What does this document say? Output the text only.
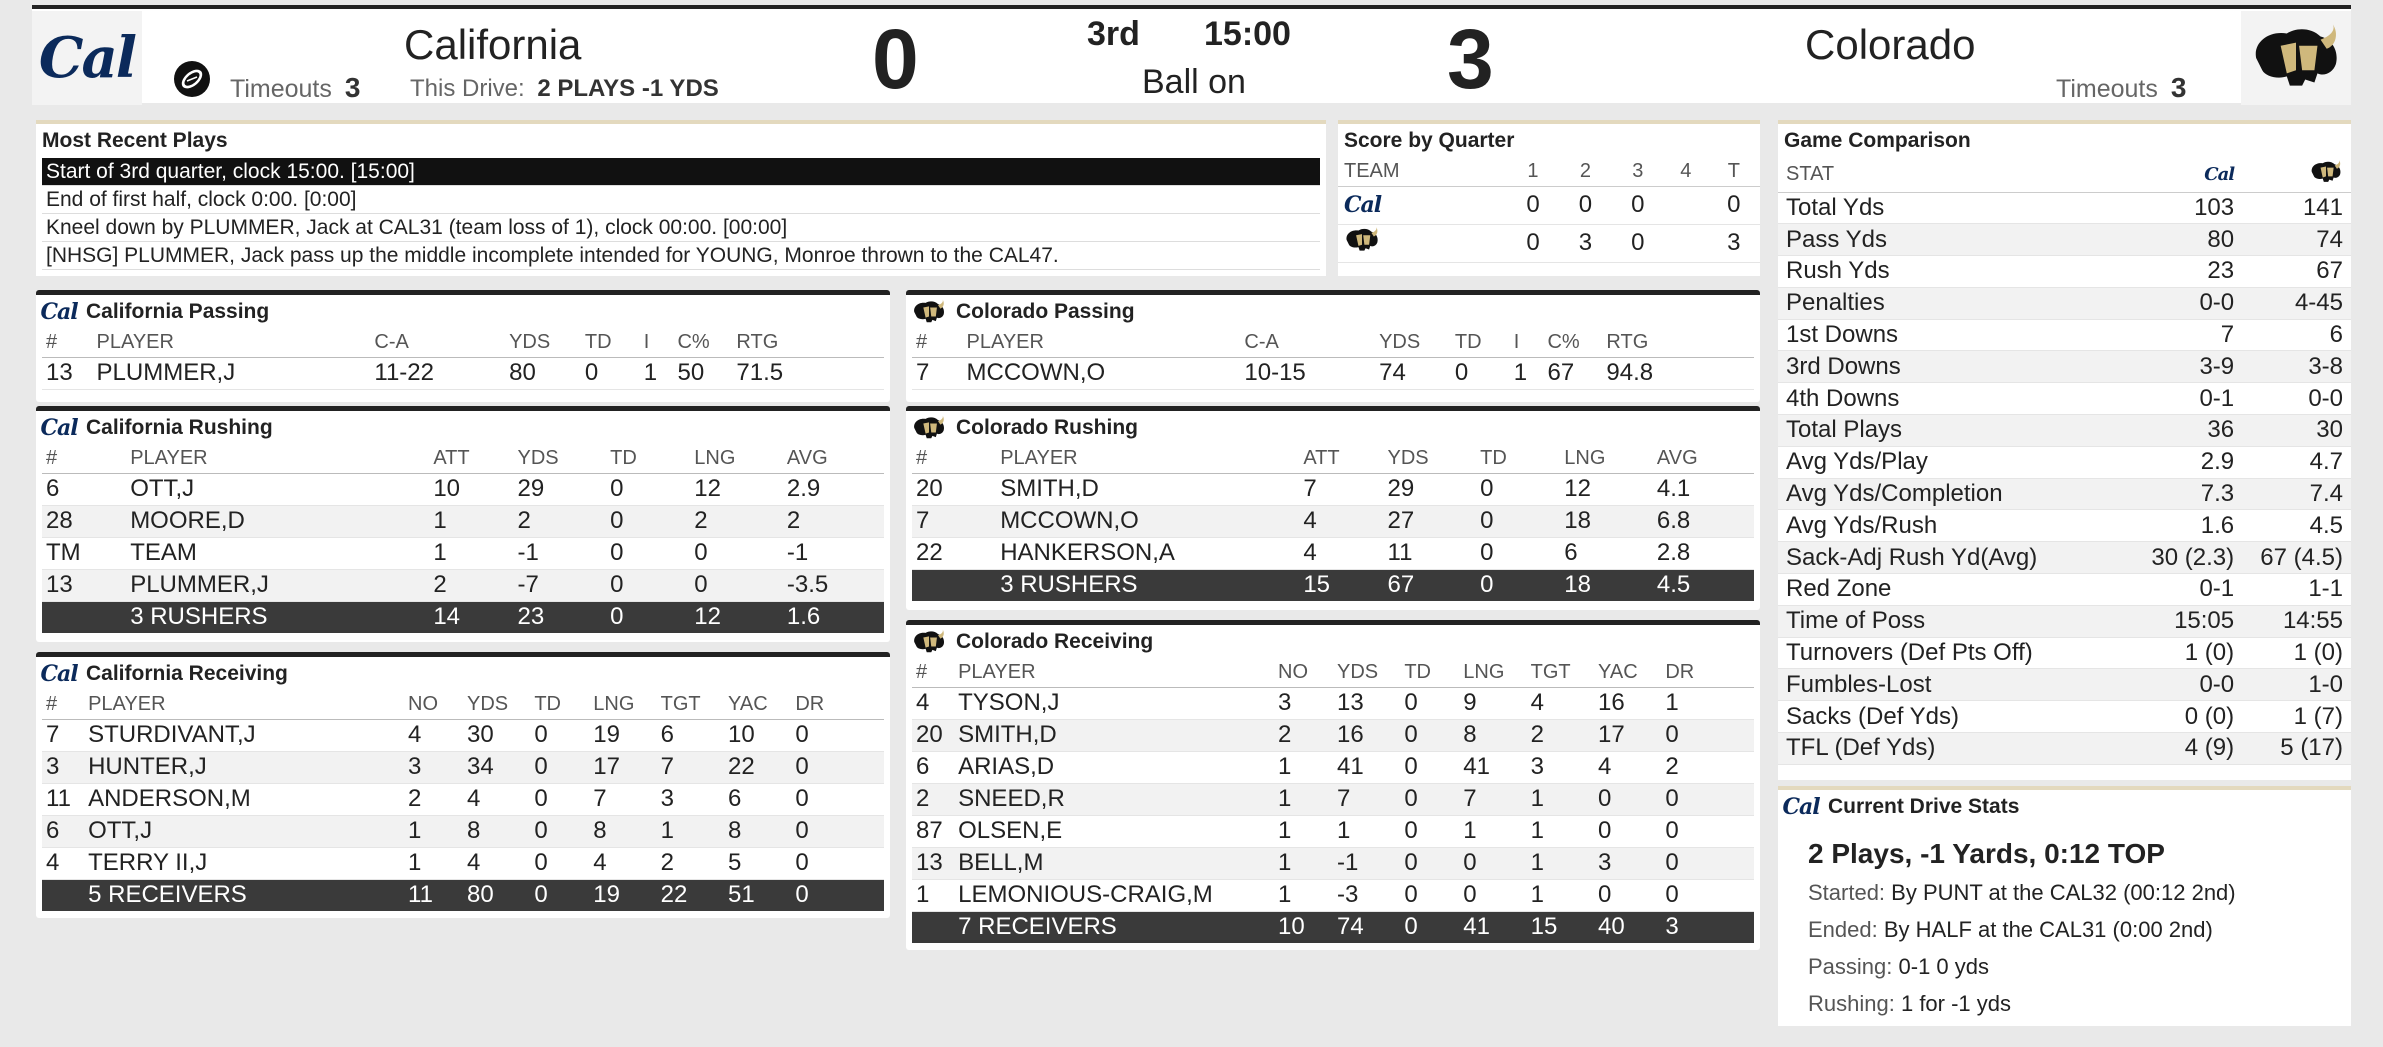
Cal	Timeouts 3
California
This Drive: 2 PLAYS -1 YDS 0	3rd 15:00
Ball on 3	Colorado
Timeouts 3
Most Recent Plays
Start of 3rd quarter, clock 15:00. [15:00]
End of first half, clock 0:00. [0:00]
Kneel down by PLUMMER, Jack at CAL31 (team loss of 1), clock 00:00. [00:00]
[NHSG] PLUMMER, Jack pass up the middle incomplete intended for YOUNG, Monroe thrown to the CAL47.
Score by Quarter
TEAM	1	2	3	4	T
Cal	0	0	0		0
	0	3	0		3
Game Comparison
STAT	Cal	
Total Yds	103	141
Pass Yds	80	74
Rush Yds	23	67
Penalties	0-0	4-45
1st Downs	7	6
3rd Downs	3-9	3-8
4th Downs	0-1	0-0
Total Plays	36	30
Avg Yds/Play	2.9	4.7
Avg Yds/Completion	7.3	7.4
Avg Yds/Rush	1.6	4.5
Sack-Adj Rush Yd(Avg)	30 (2.3)	67 (4.5)
Red Zone	0-1	1-1
Time of Poss	15:05	14:55
Turnovers (Def Pts Off)	1 (0)	1 (0)
Fumbles-Lost	0-0	1-0
Sacks (Def Yds)	0 (0)	1 (7)
TFL (Def Yds)	4 (9)	5 (17)
Cal Current Drive Stats
2 Plays, -1 Yards, 0:12 TOP
Started: By PUNT at the CAL32 (00:12 2nd)
Ended: By HALF at the CAL31 (0:00 2nd)
Passing: 0-1 0 yds
Rushing: 1 for -1 yds
Cal California Passing
#	PLAYER	C-A	YDS	TD	I	C%	RTG
13	PLUMMER,J	11-22	80	0	1	50	71.5
Colorado Passing
#	PLAYER	C-A	YDS	TD	I	C%	RTG
7	MCCOWN,O	10-15	74	0	1	67	94.8
Cal California Rushing
#	PLAYER	ATT	YDS	TD	LNG	AVG
6	OTT,J	10	29	0	12	2.9
28	MOORE,D	1	2	0	2	2
TM	TEAM	1	-1	0	0	-1
13	PLUMMER,J	2	-7	0	0	-3.5
	3 RUSHERS	14	23	0	12	1.6
Colorado Rushing
#	PLAYER	ATT	YDS	TD	LNG	AVG
20	SMITH,D	7	29	0	12	4.1
7	MCCOWN,O	4	27	0	18	6.8
22	HANKERSON,A	4	11	0	6	2.8
	3 RUSHERS	15	67	0	18	4.5
Cal California Receiving
#	PLAYER	NO	YDS	TD	LNG	TGT	YAC	DR
7	STURDIVANT,J	4	30	0	19	6	10	0
3	HUNTER,J	3	34	0	17	7	22	0
11	ANDERSON,M	2	4	0	7	3	6	0
6	OTT,J	1	8	0	8	1	8	0
4	TERRY II,J	1	4	0	4	2	5	0
	5 RECEIVERS	11	80	0	19	22	51	0
Colorado Receiving
#	PLAYER	NO	YDS	TD	LNG	TGT	YAC	DR
4	TYSON,J	3	13	0	9	4	16	1
20	SMITH,D	2	16	0	8	2	17	0
6	ARIAS,D	1	41	0	41	3	4	2
2	SNEED,R	1	7	0	7	1	0	0
87	OLSEN,E	1	1	0	1	1	0	0
13	BELL,M	1	-1	0	0	1	3	0
1	LEMONIOUS-CRAIG,M	1	-3	0	0	1	0	0
	7 RECEIVERS	10	74	0	41	15	40	3
